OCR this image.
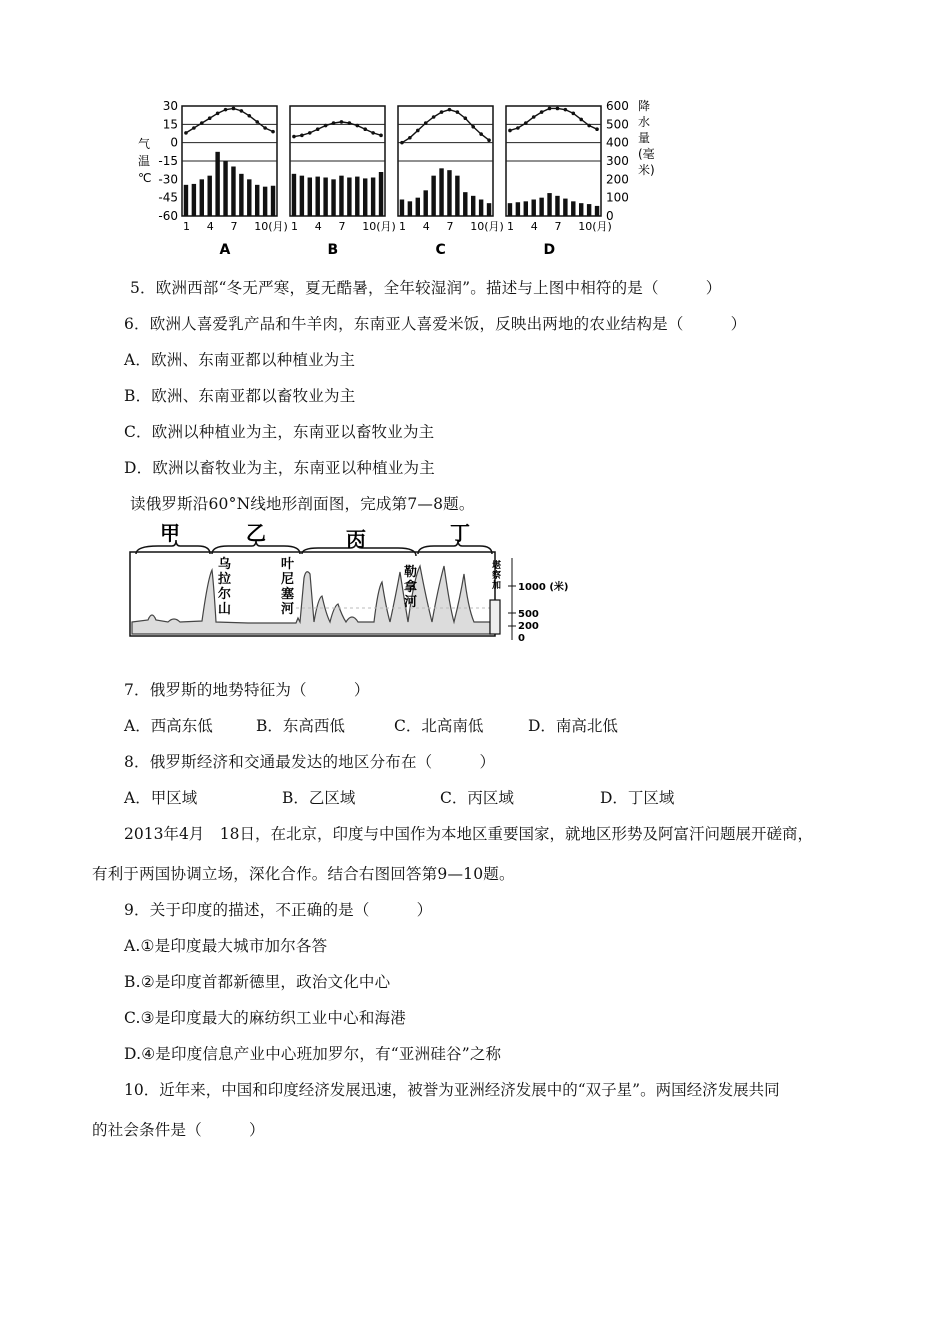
30
15
0
-15
-30
-45
-60
气
温
℃
600
500
400
300
200
100
0
降
水
量
(毫
米)
1 4 7 10(月)
A
1 4 7 10(月)
B
1 4 7 10(月)
C
1 4 7 10(月)
D
5．欧洲西部“冬无严寒，夏无酷暑，全年较湿润”。描述与上图中相符的是（　　　）
6．欧洲人喜爱乳产品和牛羊肉，东南亚人喜爱米饭，反映出两地的农业结构是（　　　）
A．欧洲、东南亚都以种植业为主
B．欧洲、东南亚都以畜牧业为主
C．欧洲以种植业为主，东南亚以畜牧业为主
D．欧洲以畜牧业为主，东南亚以种植业为主
读俄罗斯沿60°N线地形剖面图，完成第7—8题。
甲	乙	丙	丁
乌
拉
尔
山
叶
尼
塞
河
勒
拿
河
堪
察
加 1000 (米)
500
200
0
7．俄罗斯的地势特征为（　　　）
A．西高东低	B．东高西低	C．北高南低	D．南高北低
8．俄罗斯经济和交通最发达的地区分布在（　　　）
A．甲区域	B．乙区域	C．丙区域	D．丁区域
2013年4月　18日，在北京，印度与中国作为本地区重要国家，就地区形势及阿富汗问题展开磋商，
有利于两国协调立场，深化合作。结合右图回答第9—10题。
9．关于印度的描述，不正确的是（　　　）
A.①是印度最大城市加尔各答
B.②是印度首都新德里，政治文化中心
C.③是印度最大的麻纺织工业中心和海港
D.④是印度信息产业中心班加罗尔，有“亚洲硅谷”之称
10．近年来，中国和印度经济发展迅速，被誉为亚洲经济发展中的“双子星”。两国经济发展共同
的社会条件是（　　　）
